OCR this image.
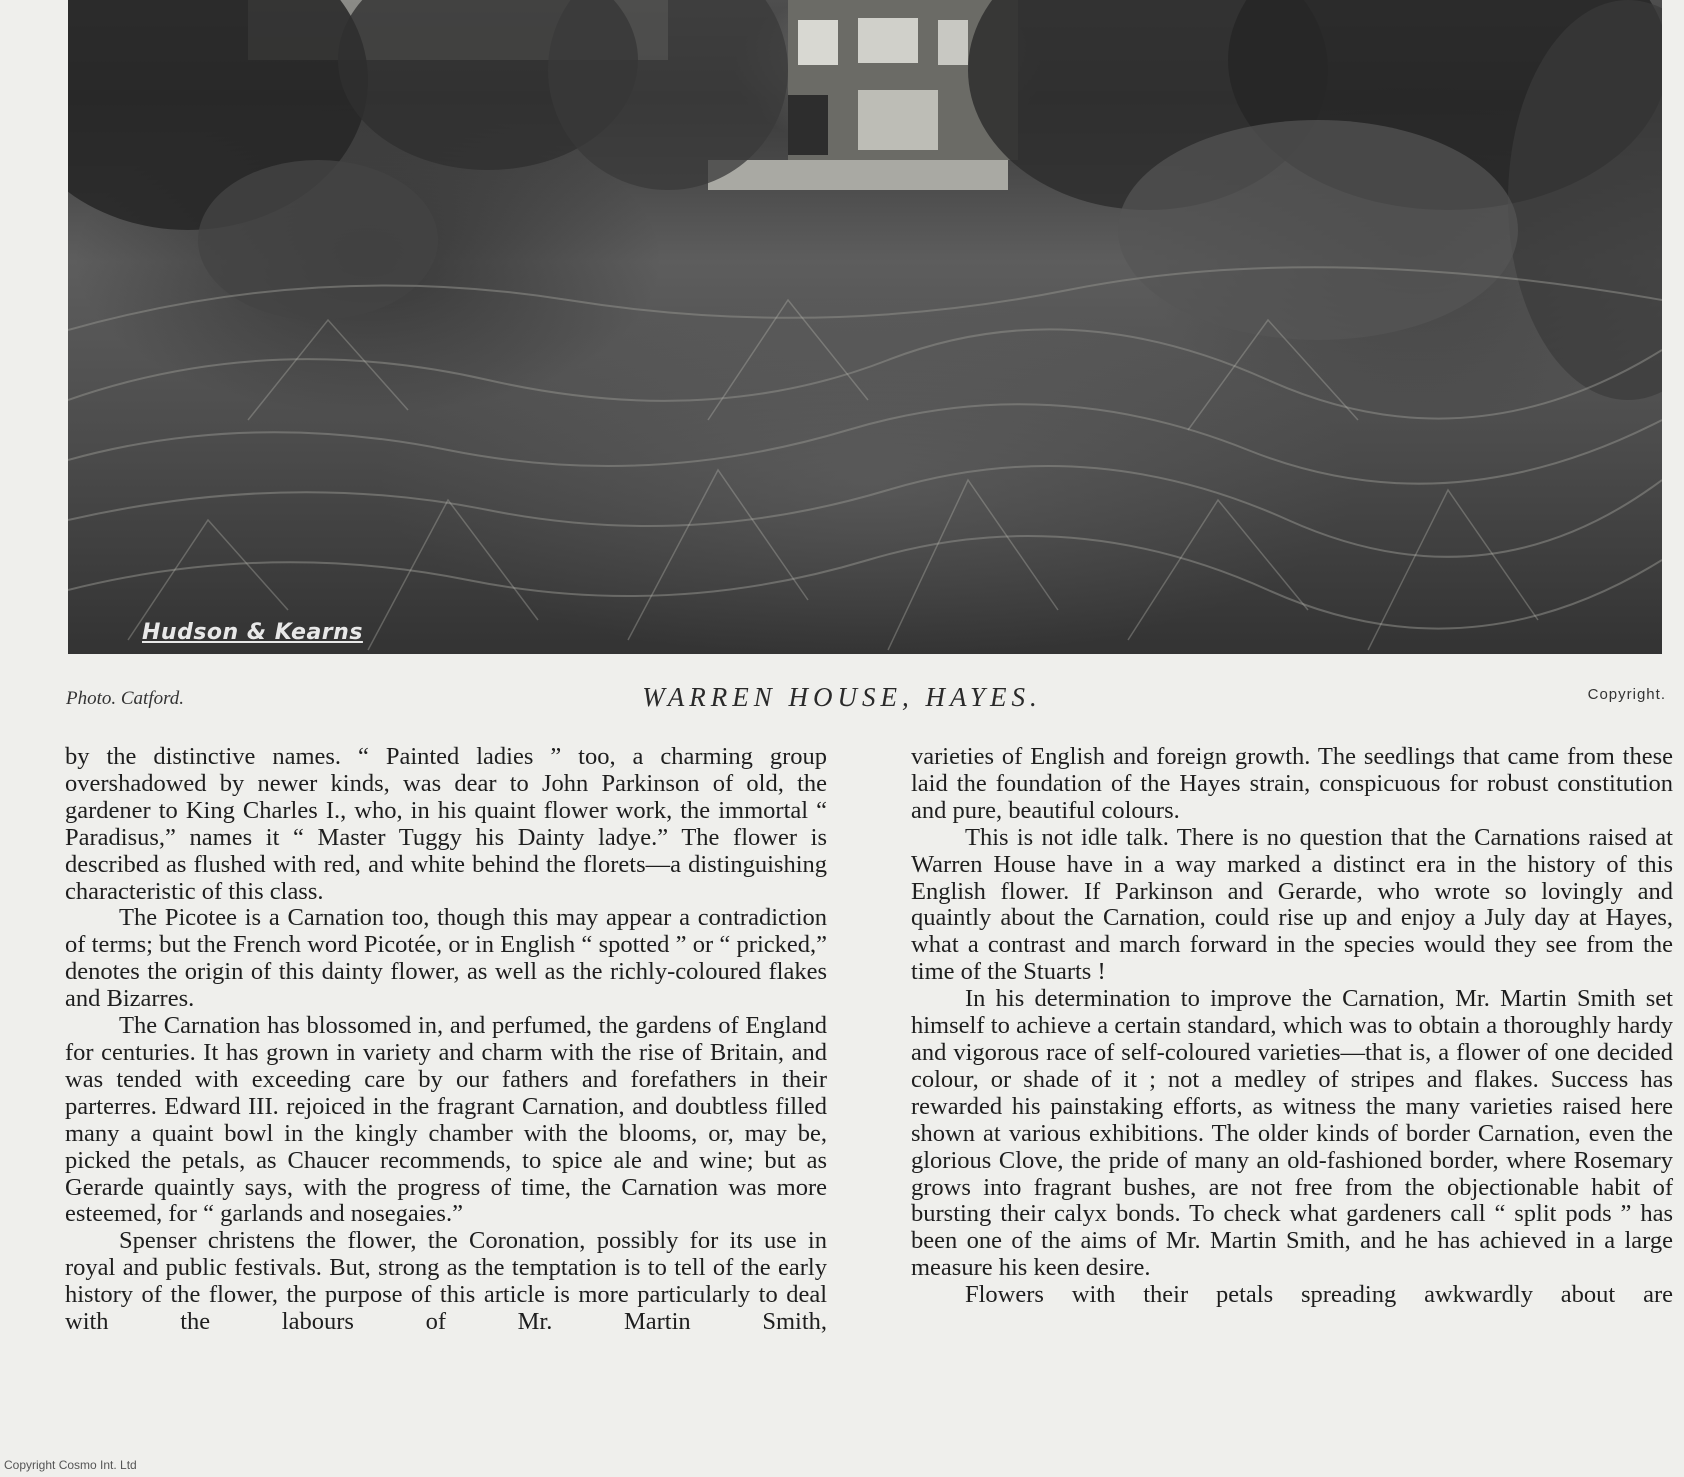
Hudson & Kearns
Photo. Catford.	WARREN HOUSE, HAYES.	Copyright.

by the distinctive names. “ Painted ladies ” too, a charming group overshadowed by newer kinds, was dear to John Parkinson of old, the gardener to King Charles I., who, in his quaint flower work, the immortal “ Paradisus,” names it “ Master Tuggy his Dainty ladye.” The flower is described as flushed with red, and white behind the florets—a distinguishing characteristic of this class.

The Picotee is a Carnation too, though this may appear a contradiction of terms; but the French word Picotée, or in English “ spotted ” or “ pricked,” denotes the origin of this dainty flower, as well as the richly-coloured flakes and Bizarres.

The Carnation has blossomed in, and perfumed, the gardens of England for centuries. It has grown in variety and charm with the rise of Britain, and was tended with exceeding care by our fathers and forefathers in their parterres. Edward III. rejoiced in the fragrant Carnation, and doubtless filled many a quaint bowl in the kingly chamber with the blooms, or, may be, picked the petals, as Chaucer recommends, to spice ale and wine; but as Gerarde quaintly says, with the progress of time, the Carnation was more esteemed, for “ garlands and nosegaies.”

Spenser christens the flower, the Coronation, possibly for its use in royal and public festivals. But, strong as the temptation is to tell of the early history of the flower, the purpose of this article is more particularly to deal with the labours of Mr. Martin Smith,

varieties of English and foreign growth. The seedlings that came from these laid the foundation of the Hayes strain, conspicuous for robust constitution and pure, beautiful colours.

This is not idle talk. There is no question that the Carnations raised at Warren House have in a way marked a distinct era in the history of this English flower. If Parkinson and Gerarde, who wrote so lovingly and quaintly about the Carnation, could rise up and enjoy a July day at Hayes, what a contrast and march forward in the species would they see from the time of the Stuarts !

In his determination to improve the Carnation, Mr. Martin Smith set himself to achieve a certain standard, which was to obtain a thoroughly hardy and vigorous race of self-coloured varieties—that is, a flower of one decided colour, or shade of it ; not a medley of stripes and flakes. Success has rewarded his painstaking efforts, as witness the many varieties raised here shown at various exhibitions. The older kinds of border Carnation, even the glorious Clove, the pride of many an old-fashioned border, where Rosemary grows into fragrant bushes, are not free from the objectionable habit of bursting their calyx bonds. To check what gardeners call “ split pods ” has been one of the aims of Mr. Martin Smith, and he has achieved in a large measure his keen desire.

Flowers with their petals spreading awkwardly about are

Copyright Cosmo Int. Ltd
